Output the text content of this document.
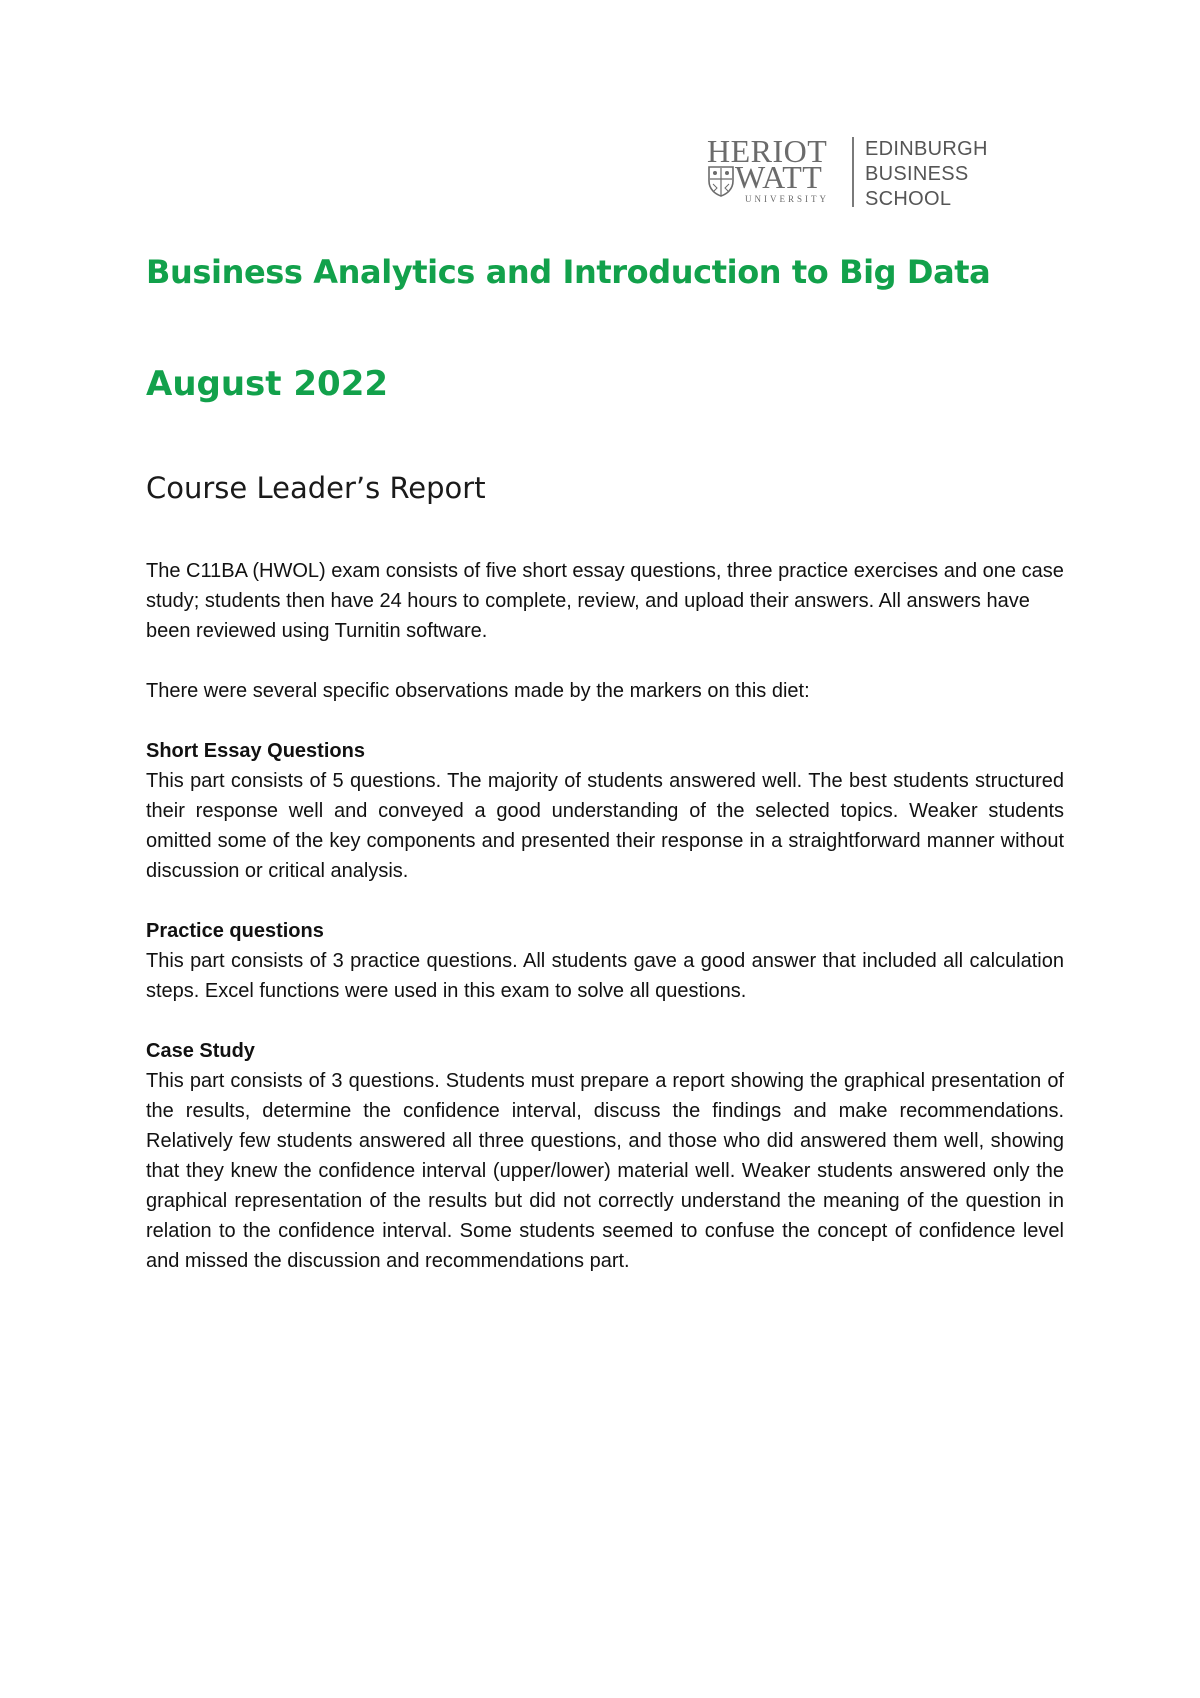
HERIOT
WATT
UNIVERSITY
EDINBURGH
BUSINESS
SCHOOL
Business Analytics and Introduction to Big Data
August 2022
Course Leader’s Report

The C11BA (HWOL) exam consists of five short essay questions, three practice exercises and one case study; students then have 24 hours to complete, review, and upload their answers. All answers have been reviewed using Turnitin software.

There were several specific observations made by the markers on this diet:

Short Essay Questions
This part consists of 5 questions. The majority of students answered well. The best students structured their response well and conveyed a good understanding of the selected topics. Weaker students omitted some of the key components and presented their response in a straightforward manner without discussion or critical analysis.
Practice questions
This part consists of 3 practice questions. All students gave a good answer that included all calculation steps. Excel functions were used in this exam to solve all questions.
Case Study
This part consists of 3 questions. Students must prepare a report showing the graphical presentation of the results, determine the confidence interval, discuss the findings and make recommendations. Relatively few students answered all three questions, and those who did answered them well, showing that they knew the confidence interval (upper/lower) material well. Weaker students answered only the graphical representation of the results but did not correctly understand the meaning of the question in relation to the confidence interval. Some students seemed to confuse the concept of confidence level and missed the discussion and recommendations part.
